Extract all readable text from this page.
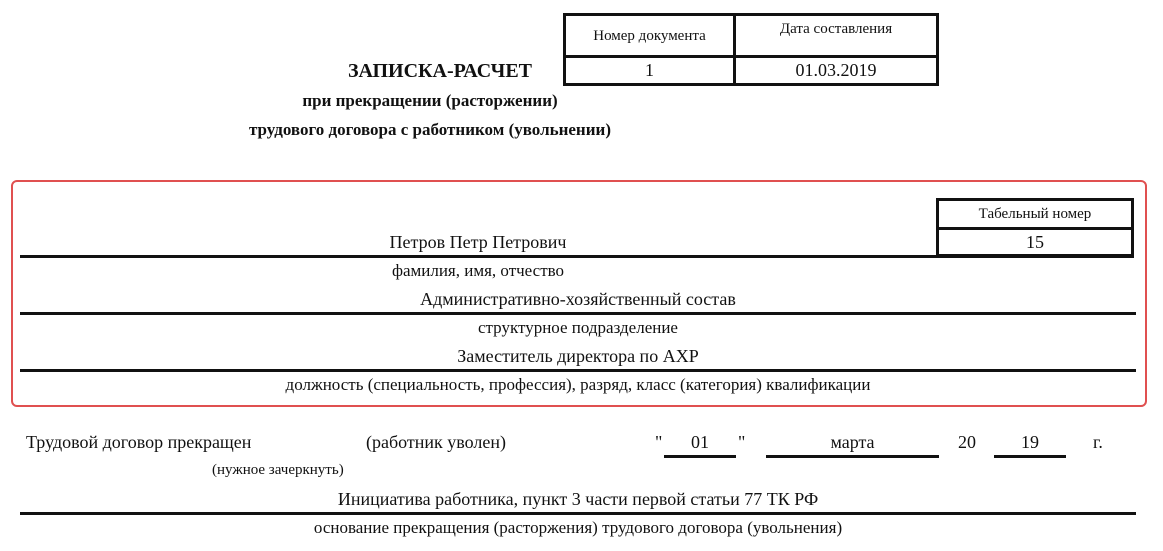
ЗАПИСКА-РАСЧЕТ
при прекращении (расторжении)
трудового договора с работником (увольнении)
Номер документа	Дата составления
1	01.03.2019
Табельный номер
15
Петров Петр Петрович
фамилия, имя, отчество
Административно-хозяйственный состав
структурное подразделение
Заместитель директора по АХР
должность (специальность, профессия), разряд, класс (категория) квалификации
Трудовой договор прекращен	(работник уволен)
(нужное зачеркнуть)
"	01	"	марта	20	19	г.
Инициатива работника, пункт 3 части первой статьи 77 ТК РФ
основание прекращения (расторжения) трудового договора (увольнения)
